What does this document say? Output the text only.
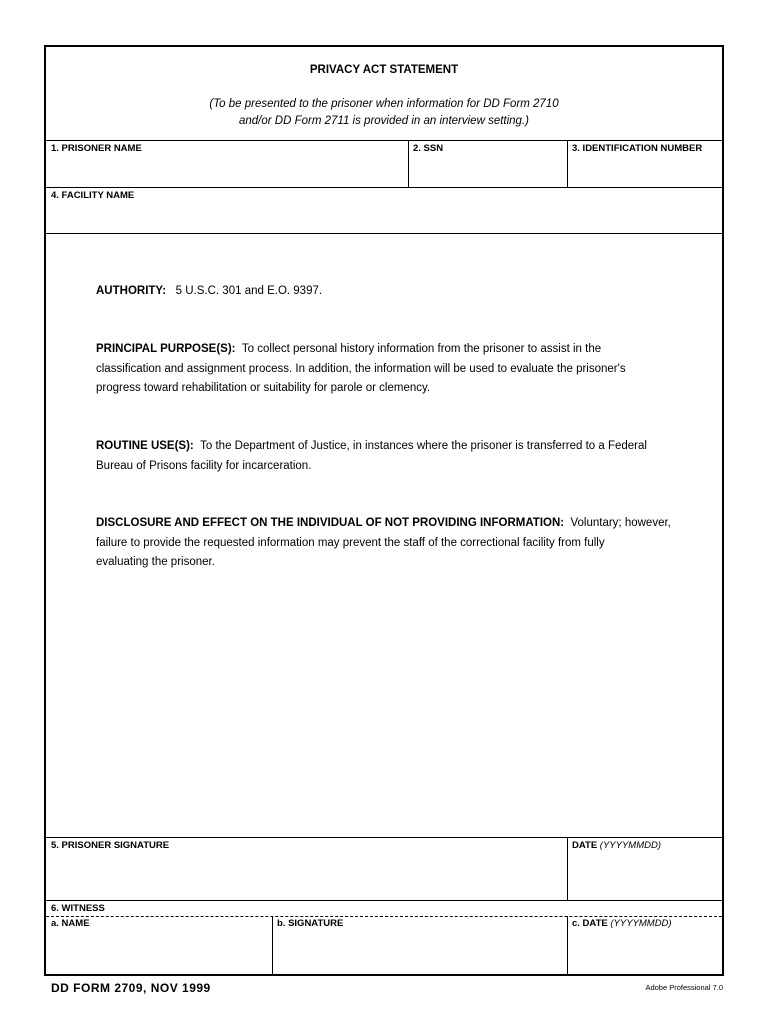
PRIVACY ACT STATEMENT
(To be presented to the prisoner when information for DD Form 2710
and/or DD Form 2711 is provided in an interview setting.)
1. PRISONER NAME	2. SSN	3. IDENTIFICATION NUMBER
4. FACILITY NAME
AUTHORITY: 5 U.S.C. 301 and E.O. 9397.
PRINCIPAL PURPOSE(S): To collect personal history information from the prisoner to assist in the
classification and assignment process. In addition, the information will be used to evaluate the prisoner's
progress toward rehabilitation or suitability for parole or clemency.
ROUTINE USE(S): To the Department of Justice, in instances where the prisoner is transferred to a Federal
Bureau of Prisons facility for incarceration.
DISCLOSURE AND EFFECT ON THE INDIVIDUAL OF NOT PROVIDING INFORMATION: Voluntary; however,
failure to provide the requested information may prevent the staff of the correctional facility from fully
evaluating the prisoner.
5. PRISONER SIGNATURE	DATE (YYYYMMDD)
6. WITNESS
a. NAME	b. SIGNATURE	c. DATE (YYYYMMDD)
DD FORM 2709, NOV 1999	Adobe Professional 7.0
